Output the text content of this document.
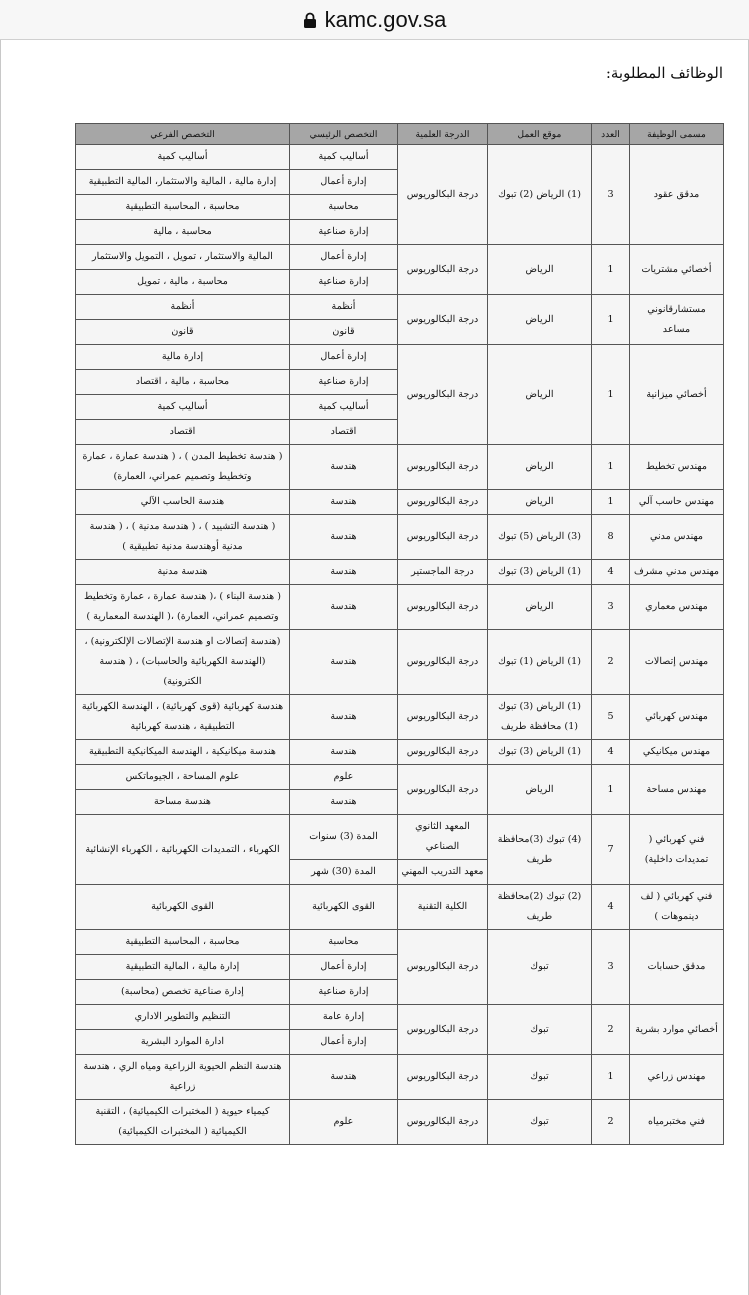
kamc.gov.sa
الوظائف المطلوبة:
مسمى الوظيفة	العدد	موقع العمل	الدرجة العلمية	التخصص الرئيسي	التخصص الفرعي
مدقق عقود	3	(1) الرياض (2) تبوك	درجة البكالوريوس	أساليب كمية	أساليب كمية
				إدارة أعمال	إدارة مالية ، المالية والاستثمار، المالية التطبيقية
				محاسبة	محاسبة ، المحاسبة التطبيقية
				إدارة صناعية	محاسبة ، مالية
أخصائي مشتريات	1	الرياض	درجة البكالوريوس	إدارة أعمال	المالية والاستثمار ، تمويل ، التمويل والاستثمار
				إدارة صناعية	محاسبة ، مالية ، تمويل
مستشارقانوني مساعد	1	الرياض	درجة البكالوريوس	أنظمة	أنظمة
				قانون	قانون
أخصائي ميزانية	1	الرياض	درجة البكالوريوس	إدارة أعمال	إدارة مالية
				إدارة صناعية	محاسبة ، مالية ، اقتصاد
				أساليب كمية	أساليب كمية
				اقتصاد	اقتصاد
مهندس تخطيط	1	الرياض	درجة البكالوريوس	هندسة	( هندسة تخطيط المدن ) ، ( هندسة عمارة ، عمارة وتخطيط وتصميم عمراني، العمارة)
مهندس حاسب آلي	1	الرياض	درجة البكالوريوس	هندسة	هندسة الحاسب الآلي
مهندس مدني	8	(3) الرياض (5) تبوك	درجة البكالوريوس	هندسة	( هندسة التشييد ) ، ( هندسة مدنية ) ، ( هندسة مدنية أوهندسة مدنية تطبيقية )
مهندس مدني مشرف	4	(1) الرياض (3) تبوك	درجة الماجستير	هندسة	هندسة مدنية
مهندس معماري	3	الرياض	درجة البكالوريوس	هندسة	( هندسة البناء ) ،( هندسة عمارة ، عمارة وتخطيط وتصميم عمراني، العمارة) ،( الهندسة المعمارية )
مهندس إتصالات	2	(1) الرياض (1) تبوك	درجة البكالوريوس	هندسة	(هندسة إتصالات او هندسة الإتصالات الإلكترونية) ، (الهندسة الكهربائية والحاسبات) ، ( هندسة الكترونية)
مهندس كهربائي	5	(1) الرياض (3) تبوك (1) محافظة طريف	درجة البكالوريوس	هندسة	هندسة كهربائية (قوى كهربائية) ، الهندسة الكهربائية التطبيقية ، هندسة كهربائية
مهندس ميكانيكي	4	(1) الرياض (3) تبوك	درجة البكالوريوس	هندسة	هندسة ميكانيكية ، الهندسة الميكانيكية التطبيقية
مهندس مساحة	1	الرياض	درجة البكالوريوس	علوم	علوم المساحة ، الجيوماتكس
				هندسة	هندسة مساحة
فني كهربائي ( تمديدات داخلية)	7	(4) تبوك (3)محافظة طريف	المعهد الثانوي الصناعي	المدة (3) سنوات	الكهرباء ، التمديدات الكهربائية ، الكهرباء الإنشائية
			معهد التدريب المهني	المدة (30) شهر	
فني كهربائي ( لف دينموهات )	4	(2) تبوك (2)محافظة طريف	الكلية التقنية	القوى الكهربائية	القوى الكهربائية
مدقق حسابات	3	تبوك	درجة البكالوريوس	محاسبة	محاسبة ، المحاسبة التطبيقية
				إدارة أعمال	إدارة مالية ، المالية التطبيقية
				إدارة صناعية	إدارة صناعية تخصص (محاسبة)
أخصائي موارد بشرية	2	تبوك	درجة البكالوريوس	إدارة عامة	التنظيم والتطوير الاداري
				إدارة أعمال	ادارة الموارد البشرية
مهندس زراعي	1	تبوك	درجة البكالوريوس	هندسة	هندسة النظم الحيوية الزراعية ومياه الري ، هندسة زراعية
فني مختبرمياه	2	تبوك	درجة البكالوريوس	علوم	كيمياء حيوية ( المختبرات الكيميائية) ، التقنية الكيميائية ( المختبرات الكيميائية)
